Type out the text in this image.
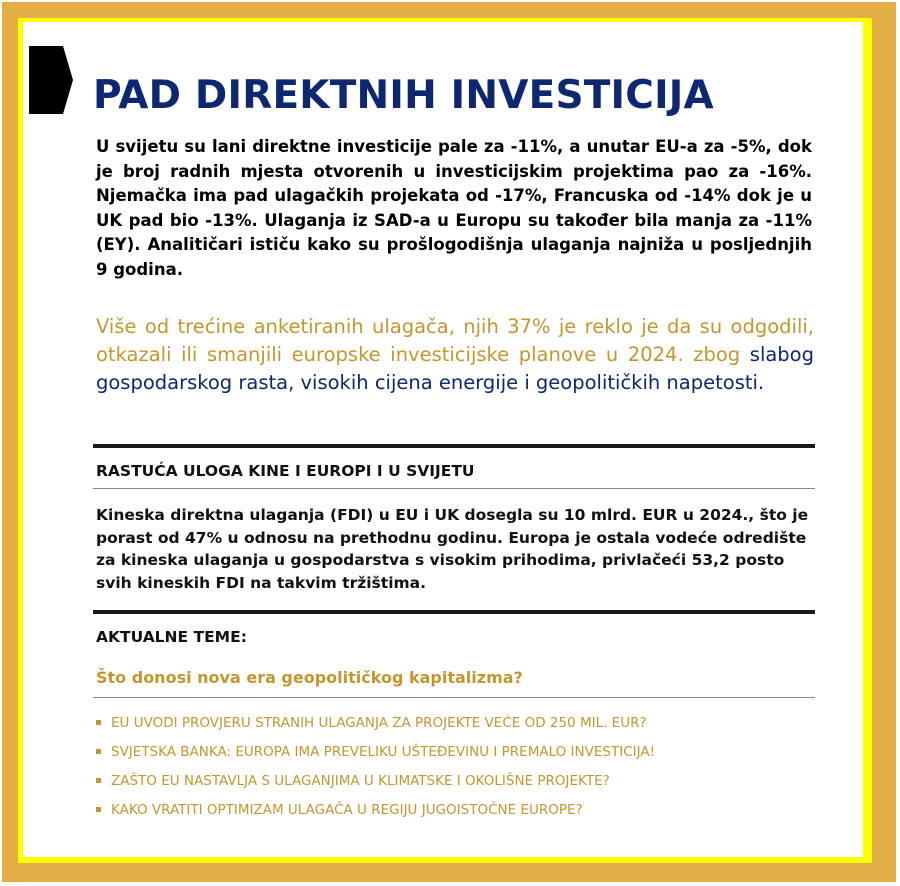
PAD DIREKTNIH INVESTICIJA

U svijetu su lani direktne investicije pale za -11%, a unutar EU-a za -5%, dok je broj radnih mjesta otvorenih u investicijskim projektima pao za -16%. Njemačka ima pad ulagačkih projekata od -17%, Francuska od -14% dok je u UK pad bio -13%. Ulaganja iz SAD-a u Europu su također bila manja za -11% (EY). Analitičari ističu kako su prošlogodišnja ulaganja najniža u posljednjih 9 godina.

Više od trećine anketiranih ulagača, njih 37% je reklo je da su odgodili, otkazali ili smanjili europske investicijske planove u 2024. zbog slabog gospodarskog rasta, visokih cijena energije i geopolitičkih napetosti.

RASTUĆA ULOGA KINE I EUROPI I U SVIJETU

Kineska direktna ulaganja (FDI) u EU i UK dosegla su 10 mlrd. EUR u 2024., što je porast od 47% u odnosu na prethodnu godinu. Europa je ostala vodeće odredište za kineska ulaganja u gospodarstva s visokim prihodima, privlačeći 53,2 posto svih kineskih FDI na takvim tržištima.

AKTUALNE TEME:

Što donosi nova era geopolitičkog kapitalizma?

EU UVODI PROVJERU STRANIH ULAGANJA ZA PROJEKTE VEĆE OD 250 MIL. EUR?
SVJETSKA BANKA: EUROPA IMA PREVELIKU UŠTEĐEVINU I PREMALO INVESTICIJA!
ZAŠTO EU NASTAVLJA S ULAGANJIMA U KLIMATSKE I OKOLIŠNE PROJEKTE?
KAKO VRATITI OPTIMIZAM ULAGAČA U REGIJU JUGOISTOČNE EUROPE?
